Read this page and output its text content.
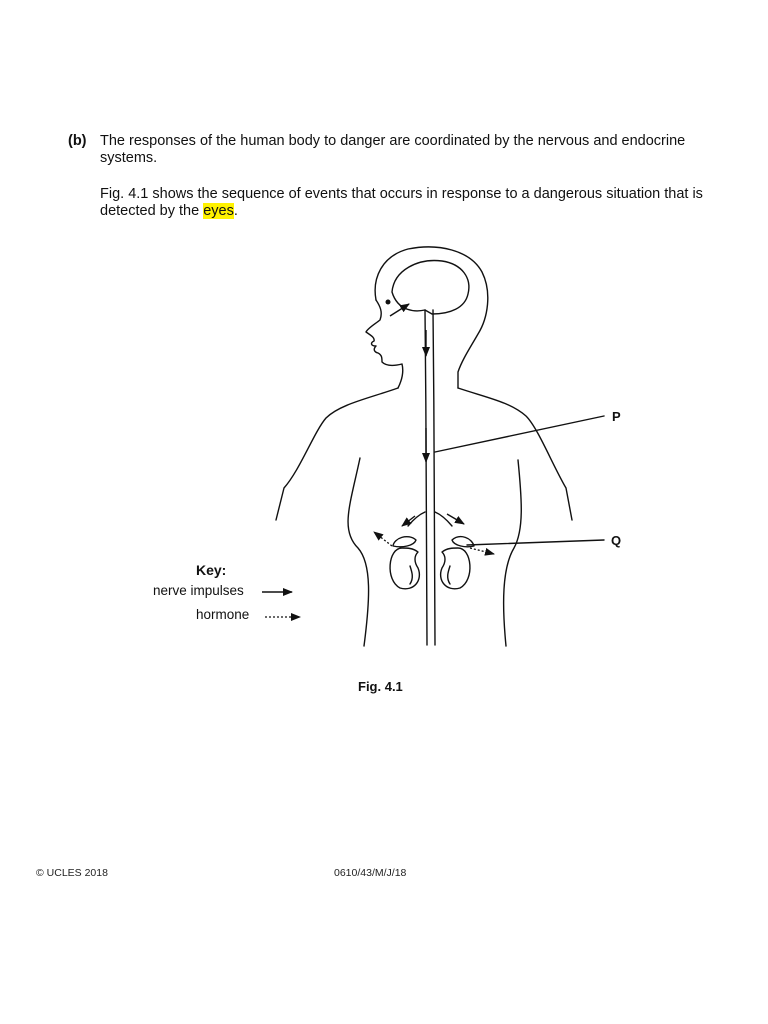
(b) The responses of the human body to danger are coordinated by the nervous and endocrine systems.
Fig. 4.1 shows the sequence of events that occurs in response to a dangerous situation that is detected by the eyes.
P
Q
Key:
nerve impulses
hormone
Fig. 4.1
© UCLES 2018	0610/43/M/J/18
